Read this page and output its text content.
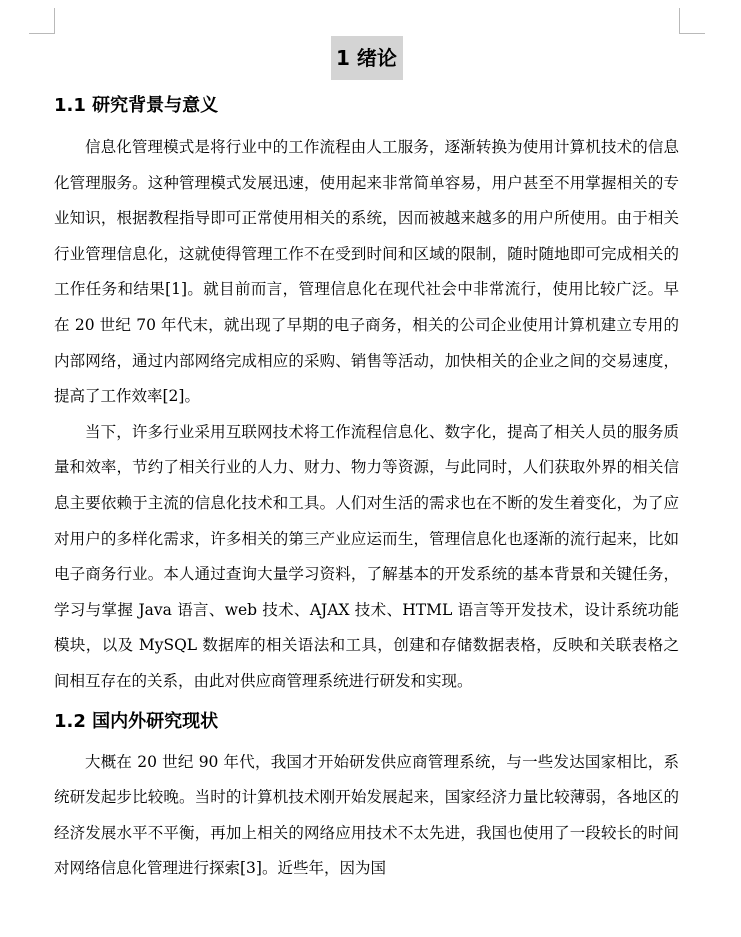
1 绪论
1.1 研究背景与意义

信息化管理模式是将行业中的工作流程由人工服务，逐渐转换为使用计算机技术的信息化管理服务。这种管理模式发展迅速，使用起来非常简单容易，用户甚至不用掌握相关的专业知识，根据教程指导即可正常使用相关的系统，因而被越来越多的用户所使用。由于相关行业管理信息化，这就使得管理工作不在受到时间和区域的限制，随时随地即可完成相关的工作任务和结果[1]。就目前而言，管理信息化在现代社会中非常流行，使用比较广泛。早在 20 世纪 70 年代末，就出现了早期的电子商务，相关的公司企业使用计算机建立专用的内部网络，通过内部网络完成相应的采购、销售等活动，加快相关的企业之间的交易速度，提高了工作效率[2]。

当下，许多行业采用互联网技术将工作流程信息化、数字化，提高了相关人员的服务质量和效率，节约了相关行业的人力、财力、物力等资源，与此同时，人们获取外界的相关信息主要依赖于主流的信息化技术和工具。人们对生活的需求也在不断的发生着变化，为了应对用户的多样化需求，许多相关的第三产业应运而生，管理信息化也逐渐的流行起来，比如电子商务行业。本人通过查询大量学习资料，了解基本的开发系统的基本背景和关键任务，学习与掌握 Java 语言、web 技术、AJAX 技术、HTML 语言等开发技术，设计系统功能模块，以及 MySQL 数据库的相关语法和工具，创建和存储数据表格，反映和关联表格之间相互存在的关系，由此对供应商管理系统进行研发和实现。

1.2 国内外研究现状

大概在 20 世纪 90 年代，我国才开始研发供应商管理系统，与一些发达国家相比，系统研发起步比较晚。当时的计算机技术刚开始发展起来，国家经济力量比较薄弱，各地区的经济发展水平不平衡，再加上相关的网络应用技术不太先进，我国也使用了一段较长的时间对网络信息化管理进行探索[3]。近些年，因为国
